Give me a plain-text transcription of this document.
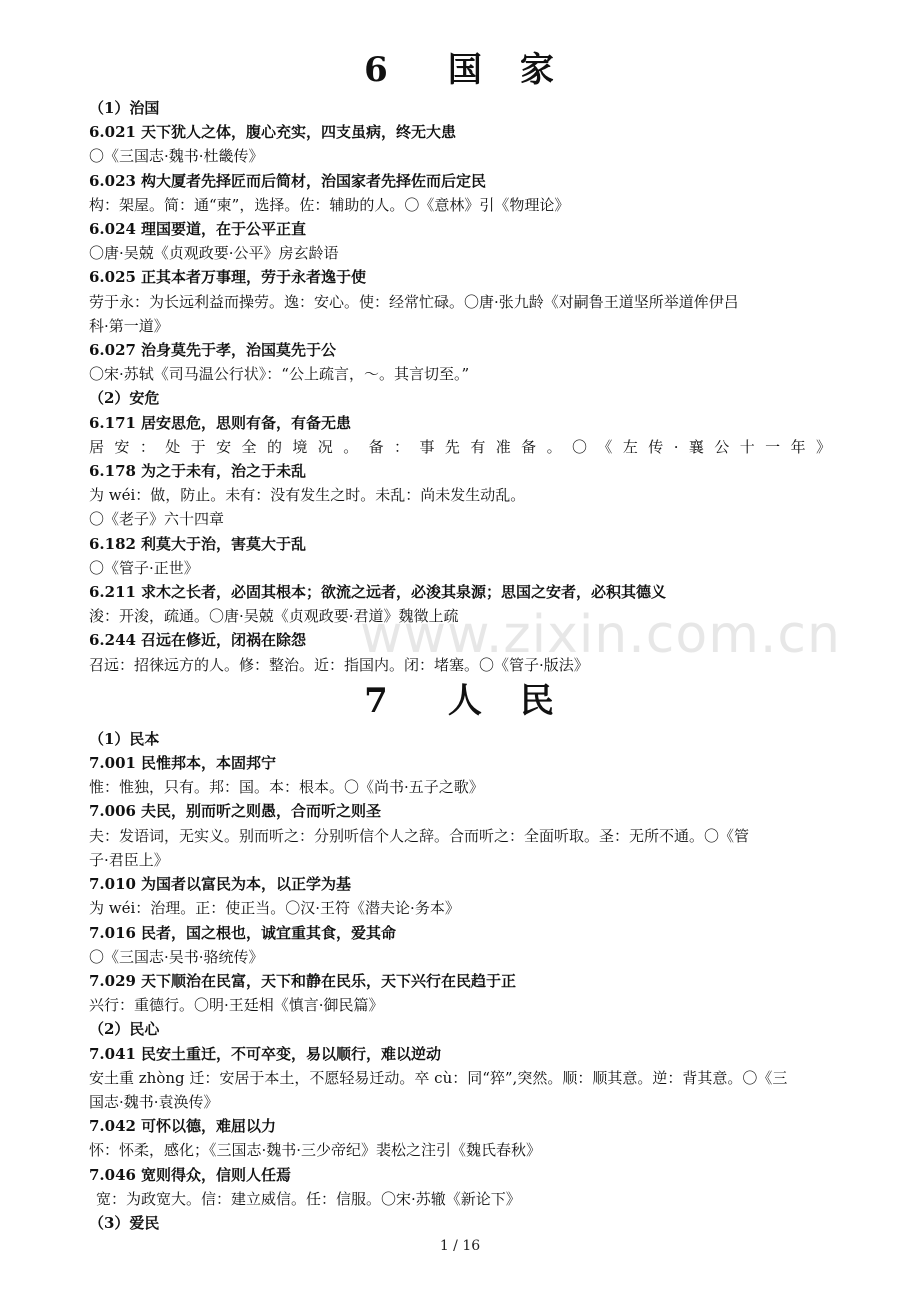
6 国　家
（1）治国
6.021 天下犹人之体，腹心充实，四支虽病，终无大患
〇《三国志·魏书·杜畿传》
6.023 构大厦者先择匠而后简材，治国家者先择佐而后定民
构：架屋。简：通“柬”，选择。佐：辅助的人。〇《意林》引《物理论》
6.024 理国要道，在于公平正直
〇唐·吴兢《贞观政要·公平》房玄龄语
6.025 正其本者万事理，劳于永者逸于使
劳于永：为长远利益而操劳。逸：安心。使：经常忙碌。〇唐·张九龄《对嗣鲁王道坚所举道侔伊吕
科·第一道》
6.027 治身莫先于孝，治国莫先于公
〇宋·苏轼《司马温公行状》：“公上疏言，～。其言切至。”
（2）安危
6.171 居安思危，思则有备，有备无患
居安：处于安全的境况。备：事先有准备。〇《左传·襄公十一年》
6.178 为之于未有，治之于未乱
为 wéi：做，防止。未有：没有发生之时。未乱：尚未发生动乱。
〇《老子》六十四章
6.182 利莫大于治，害莫大于乱
〇《管子·正世》
6.211 求木之长者，必固其根本；欲流之远者，必浚其泉源；思国之安者，必积其德义
浚：开浚，疏通。〇唐·吴兢《贞观政要·君道》魏徵上疏
6.244 召远在修近，闭祸在除怨
召远：招徕远方的人。修：整治。近：指国内。闭：堵塞。〇《管子·版法》
7 人　民
（1）民本
7.001 民惟邦本，本固邦宁
惟：惟独，只有。邦：国。本：根本。〇《尚书·五子之歌》
7.006 夫民，别而听之则愚，合而听之则圣
夫：发语词，无实义。别而听之：分别听信个人之辞。合而听之：全面听取。圣：无所不通。〇《管
子·君臣上》
7.010 为国者以富民为本，以正学为基
为 wéi：治理。正：使正当。〇汉·王符《潜夫论·务本》
7.016 民者，国之根也，诚宜重其食，爱其命
〇《三国志·吴书·骆统传》
7.029 天下顺治在民富，天下和静在民乐，天下兴行在民趋于正
兴行：重德行。〇明·王廷相《慎言·御民篇》
（2）民心
7.041 民安土重迁，不可卒变，易以顺行，难以逆动
安土重 zhòng 迁：安居于本土，不愿轻易迁动。卒 cù：同“猝”,突然。顺：顺其意。逆：背其意。〇《三
国志·魏书·袁涣传》
7.042 可怀以德，难屈以力
怀：怀柔，感化；《三国志·魏书·三少帝纪》裴松之注引《魏氏春秋》
7.046 宽则得众，信则人任焉
宽：为政宽大。信：建立威信。任：信服。〇宋·苏辙《新论下》
（3）爱民
www.zixin.com.cn
1 / 16
